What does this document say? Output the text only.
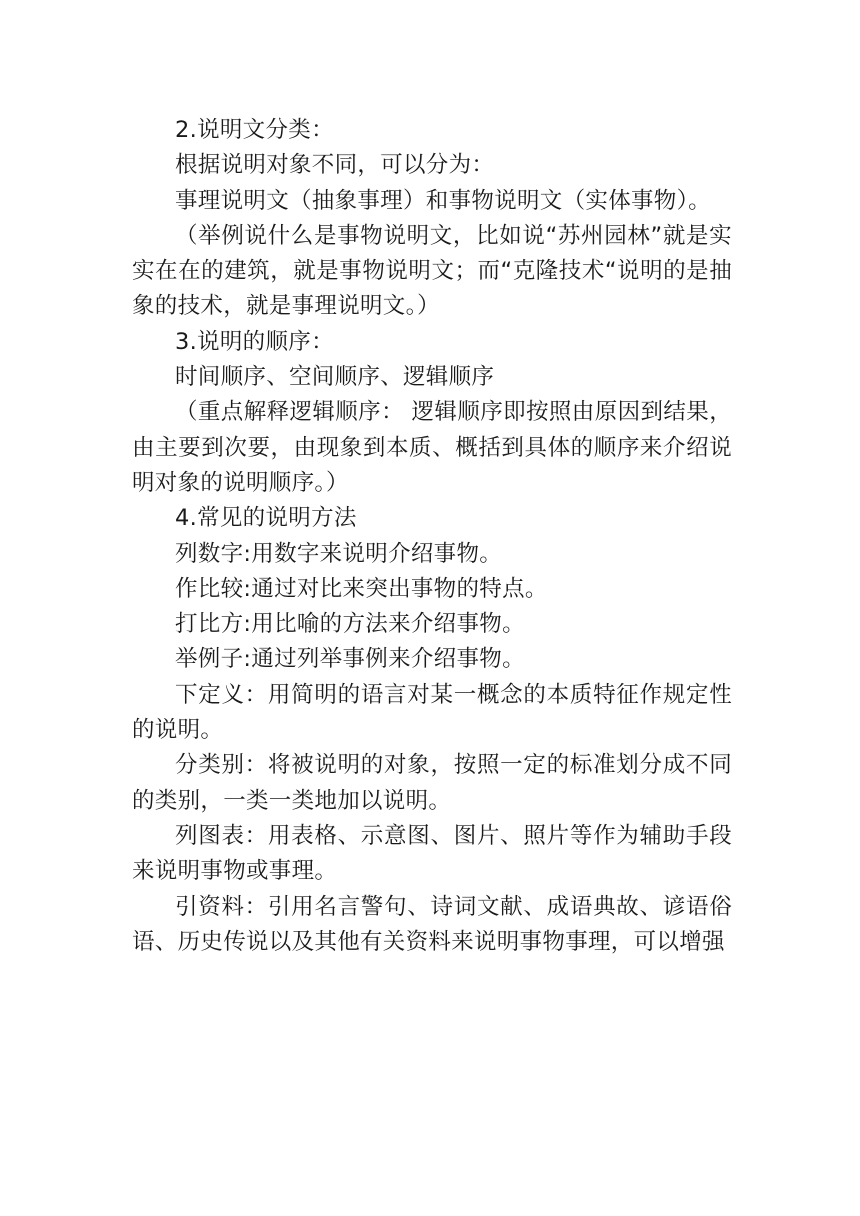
2.说明文分类：

根据说明对象不同，可以分为：

事理说明文（抽象事理）和事物说明文（实体事物）。

（举例说什么是事物说明文，比如说“苏州园林”就是实实在在的建筑，就是事物说明文；而“克隆技术“说明的是抽象的技术，就是事理说明文。）

3.说明的顺序：

时间顺序、空间顺序、逻辑顺序

（重点解释逻辑顺序： 逻辑顺序即按照由原因到结果，由主要到次要，由现象到本质、概括到具体的顺序来介绍说明对象的说明顺序。）

4.常见的说明方法

列数字:用数字来说明介绍事物。

作比较:通过对比来突出事物的特点。

打比方:用比喻的方法来介绍事物。

举例子:通过列举事例来介绍事物。

下定义：用简明的语言对某一概念的本质特征作规定性的说明。

分类别：将被说明的对象，按照一定的标准划分成不同的类别，一类一类地加以说明。

列图表：用表格、示意图、图片、照片等作为辅助手段来说明事物或事理。

引资料：引用名言警句、诗词文献、成语典故、谚语俗语、历史传说以及其他有关资料来说明事物事理，可以增强
